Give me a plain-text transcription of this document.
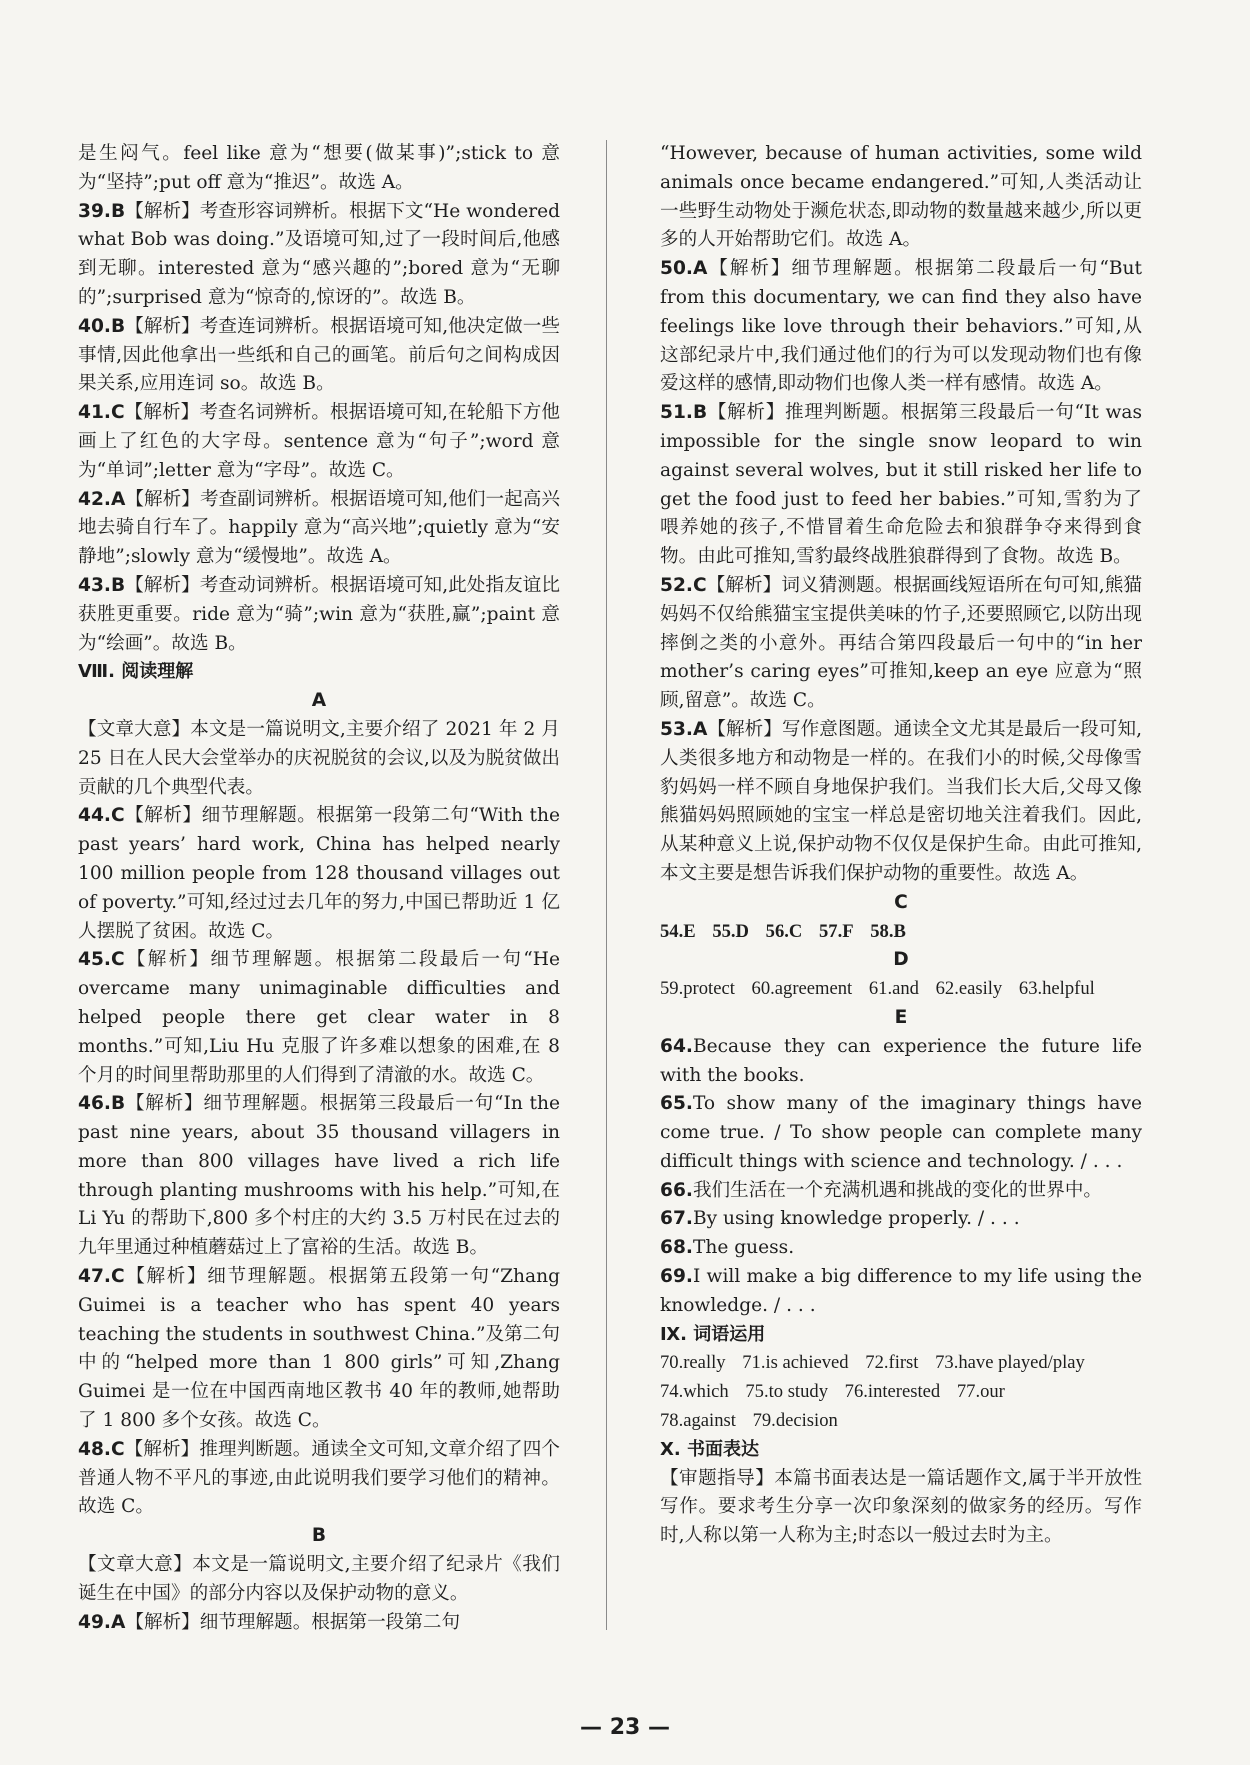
是生闷气。feel like 意为“想要(做某事)”;stick to 意为“坚持”;put off 意为“推迟”。故选 A。

39.B【解析】考查形容词辨析。根据下文“He wondered what Bob was doing.”及语境可知,过了一段时间后,他感到无聊。interested 意为“感兴趣的”;bored 意为“无聊的”;surprised 意为“惊奇的,惊讶的”。故选 B。

40.B【解析】考查连词辨析。根据语境可知,他决定做一些事情,因此他拿出一些纸和自己的画笔。前后句之间构成因果关系,应用连词 so。故选 B。

41.C【解析】考查名词辨析。根据语境可知,在轮船下方他画上了红色的大字母。sentence 意为“句子”;word 意为“单词”;letter 意为“字母”。故选 C。

42.A【解析】考查副词辨析。根据语境可知,他们一起高兴地去骑自行车了。happily 意为“高兴地”;quietly 意为“安静地”;slowly 意为“缓慢地”。故选 A。

43.B【解析】考查动词辨析。根据语境可知,此处指友谊比获胜更重要。ride 意为“骑”;win 意为“获胜,赢”;paint 意为“绘画”。故选 B。

Ⅷ. 阅读理解

A

【文章大意】本文是一篇说明文,主要介绍了 2021 年 2 月 25 日在人民大会堂举办的庆祝脱贫的会议,以及为脱贫做出贡献的几个典型代表。

44.C【解析】细节理解题。根据第一段第二句“With the past years’ hard work, China has helped nearly 100 million people from 128 thousand villages out of poverty.”可知,经过过去几年的努力,中国已帮助近 1 亿人摆脱了贫困。故选 C。

45.C【解析】细节理解题。根据第二段最后一句“He overcame many unimaginable difficulties and helped people there get clear water in 8 months.”可知,Liu Hu 克服了许多难以想象的困难,在 8 个月的时间里帮助那里的人们得到了清澈的水。故选 C。

46.B【解析】细节理解题。根据第三段最后一句“In the past nine years, about 35 thousand villagers in more than 800 villages have lived a rich life through planting mushrooms with his help.”可知,在 Li Yu 的帮助下,800 多个村庄的大约 3.5 万村民在过去的九年里通过种植蘑菇过上了富裕的生活。故选 B。

47.C【解析】细节理解题。根据第五段第一句“Zhang Guimei is a teacher who has spent 40 years teaching the students in southwest China.”及第二句中的“helped more than 1 800 girls”可知,Zhang Guimei 是一位在中国西南地区教书 40 年的教师,她帮助了 1 800 多个女孩。故选 C。

48.C【解析】推理判断题。通读全文可知,文章介绍了四个普通人物不平凡的事迹,由此说明我们要学习他们的精神。故选 C。

B

【文章大意】本文是一篇说明文,主要介绍了纪录片《我们诞生在中国》的部分内容以及保护动物的意义。

49.A【解析】细节理解题。根据第一段第二句

“However, because of human activities, some wild animals once became endangered.”可知,人类活动让一些野生动物处于濒危状态,即动物的数量越来越少,所以更多的人开始帮助它们。故选 A。

50.A【解析】细节理解题。根据第二段最后一句“But from this documentary, we can find they also have feelings like love through their behaviors.”可知,从这部纪录片中,我们通过他们的行为可以发现动物们也有像爱这样的感情,即动物们也像人类一样有感情。故选 A。

51.B【解析】推理判断题。根据第三段最后一句“It was impossible for the single snow leopard to win against several wolves, but it still risked her life to get the food just to feed her babies.”可知,雪豹为了喂养她的孩子,不惜冒着生命危险去和狼群争夺来得到食物。由此可推知,雪豹最终战胜狼群得到了食物。故选 B。

52.C【解析】词义猜测题。根据画线短语所在句可知,熊猫妈妈不仅给熊猫宝宝提供美味的竹子,还要照顾它,以防出现摔倒之类的小意外。再结合第四段最后一句中的“in her mother’s caring eyes”可推知,keep an eye 应意为“照顾,留意”。故选 C。

53.A【解析】写作意图题。通读全文尤其是最后一段可知,人类很多地方和动物是一样的。在我们小的时候,父母像雪豹妈妈一样不顾自身地保护我们。当我们长大后,父母又像熊猫妈妈照顾她的宝宝一样总是密切地关注着我们。因此,从某种意义上说,保护动物不仅仅是保护生命。由此可推知,本文主要是想告诉我们保护动物的重要性。故选 A。

C

54.E 55.D 56.C 57.F 58.B

D

59.protect 60.agreement 61.and 62.easily 63.helpful

E

64.Because they can experience the future life with the books.

65.To show many of the imaginary things have come true. / To show people can complete many difficult things with science and technology. / . . .

66.我们生活在一个充满机遇和挑战的变化的世界中。

67.By using knowledge properly. / . . .

68.The guess.

69.I will make a big difference to my life using the knowledge. / . . .

Ⅸ. 词语运用

70.really 71.is achieved 72.first 73.have played/play

74.which 75.to study 76.interested 77.our

78.against 79.decision

Ⅹ. 书面表达

【审题指导】本篇书面表达是一篇话题作文,属于半开放性写作。要求考生分享一次印象深刻的做家务的经历。写作时,人称以第一人称为主;时态以一般过去时为主。

— 23 —
